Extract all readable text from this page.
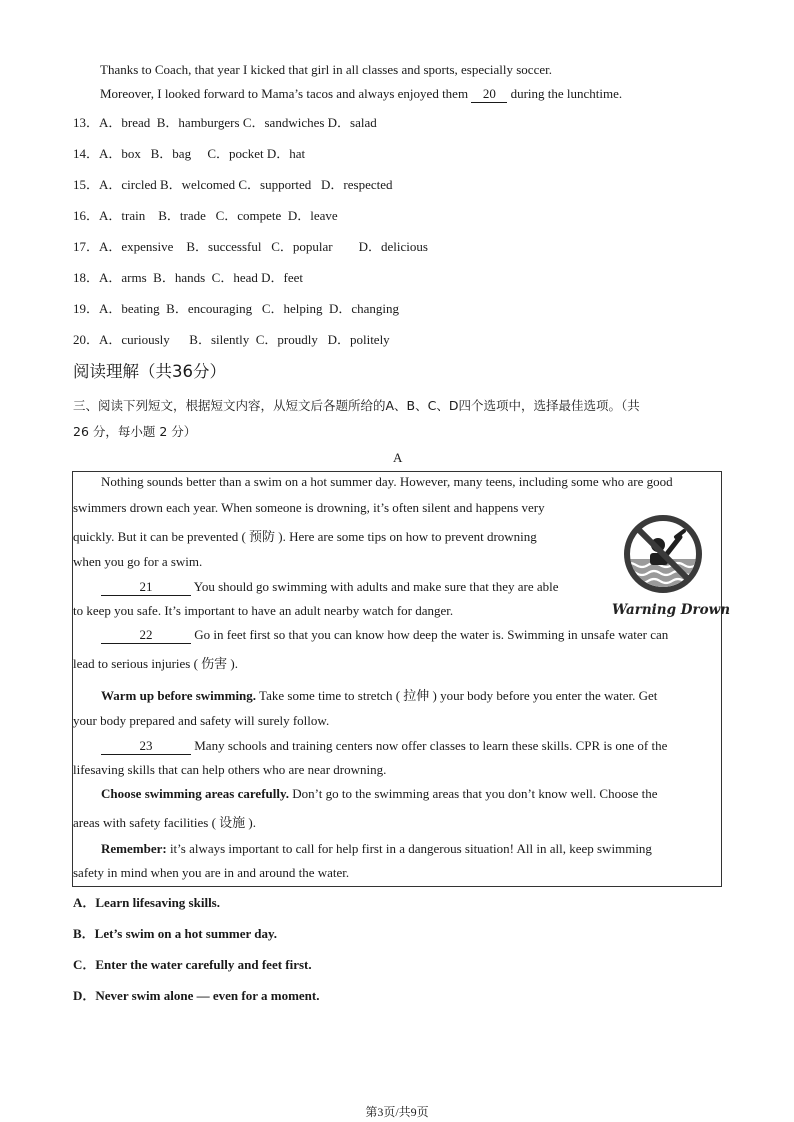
Thanks to Coach, that year I kicked that girl in all classes and sports, especially soccer.
Moreover, I looked forward to Mama’s tacos and always enjoyed them 20 during the lunchtime.
13．A．bread  B．hamburgers C．sandwiches D．salad
14．A．box   B．bag     C．pocket D．hat
15．A．circled B．welcomed C．supported   D．respected
16．A．train    B．trade   C．compete  D．leave
17．A．expensive    B．successful   C．popular        D．delicious
18．A．arms  B．hands  C．head D．feet
19．A．beating  B．encouraging   C．helping  D．changing
20．A．curiously      B．silently  C．proudly   D．politely
阅读理解（共36分）
三、阅读下列短文，根据短文内容，从短文后各题所给的A、B、C、D四个选项中，选择最佳选项。（共
26 分，每小题 2 分）
A
Nothing sounds better than a swim on a hot summer day. However, many teens, including some who are good
swimmers drown each year. When someone is drowning, it’s often silent and happens very
quickly. But it can be prevented ( 预防 ). Here are some tips on how to prevent drowning
when you go for a swim.
21	You should go swimming with adults and make sure that they are able
to keep you safe. It’s important to have an adult nearby watch for danger.
22	Go in feet first so that you can know how deep the water is. Swimming in unsafe water can
lead to serious injuries ( 伤害 ).
Warm up before swimming. Take some time to stretch ( 拉伸 ) your body before you enter the water. Get
your body prepared and safety will surely follow.
23	Many schools and training centers now offer classes to learn these skills. CPR is one of the
lifesaving skills that can help others who are near drowning.
Choose swimming areas carefully. Don’t go to the swimming areas that you don’t know well. Choose the
areas with safety facilities ( 设施 ).
Remember: it’s always important to call for help first in a dangerous situation! All in all, keep swimming
safety in mind when you are in and around the water.
Warning Drown
A．Learn lifesaving skills.
B．Let’s swim on a hot summer day.
C．Enter the water carefully and feet first.
D．Never swim alone — even for a moment.
第3页/共9页
